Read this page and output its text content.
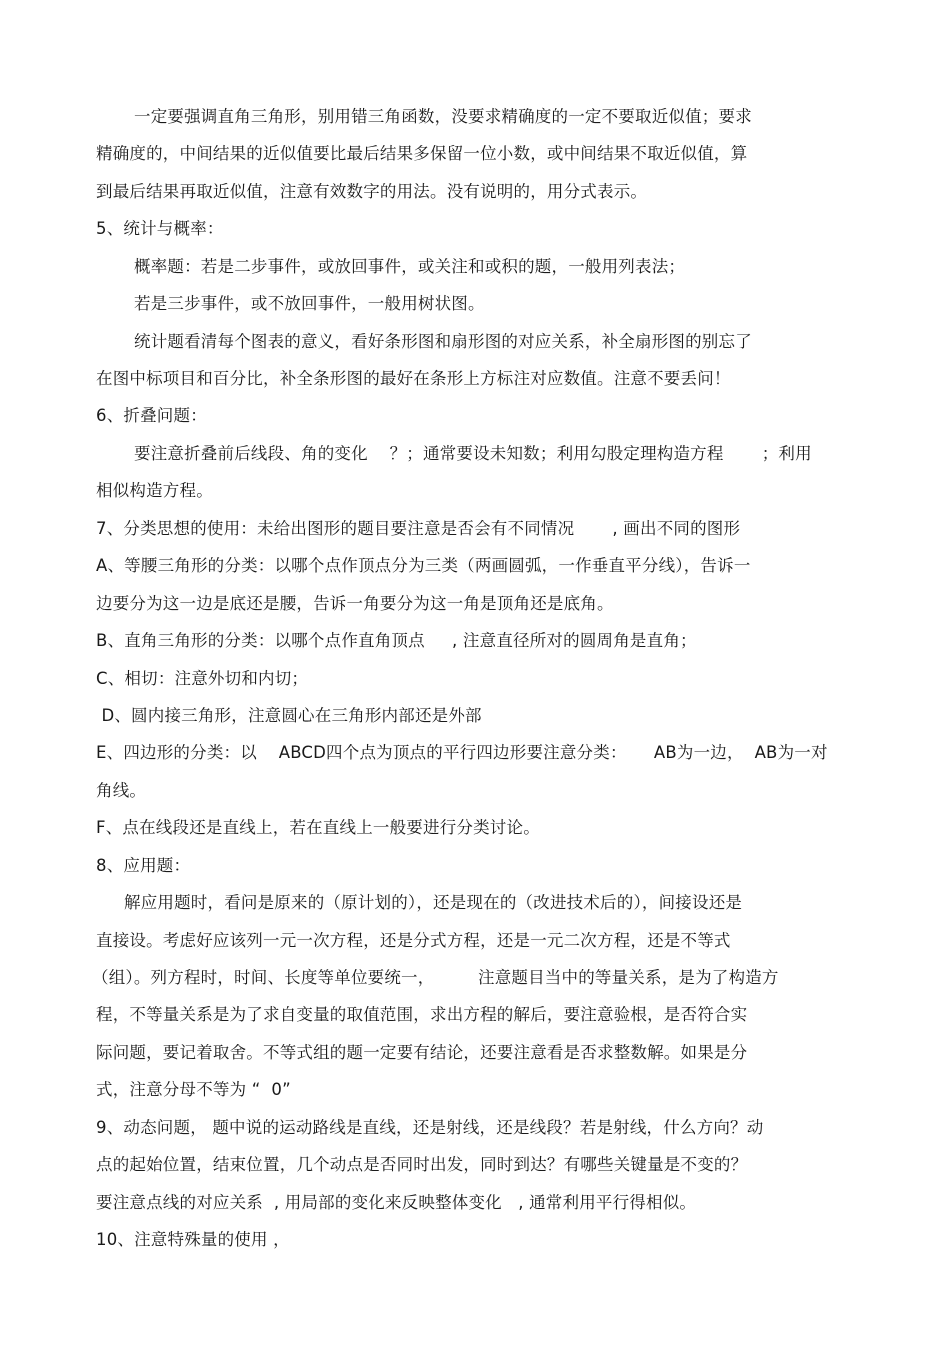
一定要强调直角三角形，别用错三角函数，没要求精确度的一定不要取近似值；要求
精确度的，中间结果的近似值要比最后结果多保留一位小数，或中间结果不取近似值，算
到最后结果再取近似值，注意有效数字的用法。没有说明的，用分式表示。
5、统计与概率：
概率题：若是二步事件，或放回事件，或关注和或积的题，一般用列表法；
若是三步事件，或不放回事件，一般用树状图。
统计题看清每个图表的意义，看好条形图和扇形图的对应关系，补全扇形图的别忘了
在图中标项目和百分比，补全条形图的最好在条形上方标注对应数值。注意不要丢问！
6、折叠问题：
要注意折叠前后线段、角的变化    ？；通常要设未知数；利用勾股定理构造方程       ；利用
相似构造方程。
7、分类思想的使用：未给出图形的题目要注意是否会有不同情况       , 画出不同的图形
A、等腰三角形的分类：以哪个点作顶点分为三类（两画圆弧，一作垂直平分线），告诉一
边要分为这一边是底还是腰，告诉一角要分为这一角是顶角还是底角。
B、直角三角形的分类：以哪个点作直角顶点     , 注意直径所对的圆周角是直角；
C、相切：注意外切和内切；
D、圆内接三角形，注意圆心在三角形内部还是外部
E、四边形的分类：以    ABCD四个点为顶点的平行四边形要注意分类：     AB为一边，  AB为一对
角线。
F、点在线段还是直线上，若在直线上一般要进行分类讨论。
8、应用题：
解应用题时，看问是原来的（原计划的），还是现在的（改进技术后的），间接设还是
直接设。考虑好应该列一元一次方程，还是分式方程，还是一元二次方程，还是不等式
（组）。列方程时，时间、长度等单位要统一，        注意题目当中的等量关系，是为了构造方
程，不等量关系是为了求自变量的取值范围，求出方程的解后，要注意验根，是否符合实
际问题，要记着取舍。不等式组的题一定要有结论，还要注意看是否求整数解。如果是分
式，注意分母不等为 “  0”
9、动态问题， 题中说的运动路线是直线，还是射线，还是线段？若是射线，什么方向？动
点的起始位置，结束位置，几个动点是否同时出发，同时到达？有哪些关键量是不变的？
要注意点线的对应关系  , 用局部的变化来反映整体变化   , 通常利用平行得相似。
10、注意特殊量的使用 ，
